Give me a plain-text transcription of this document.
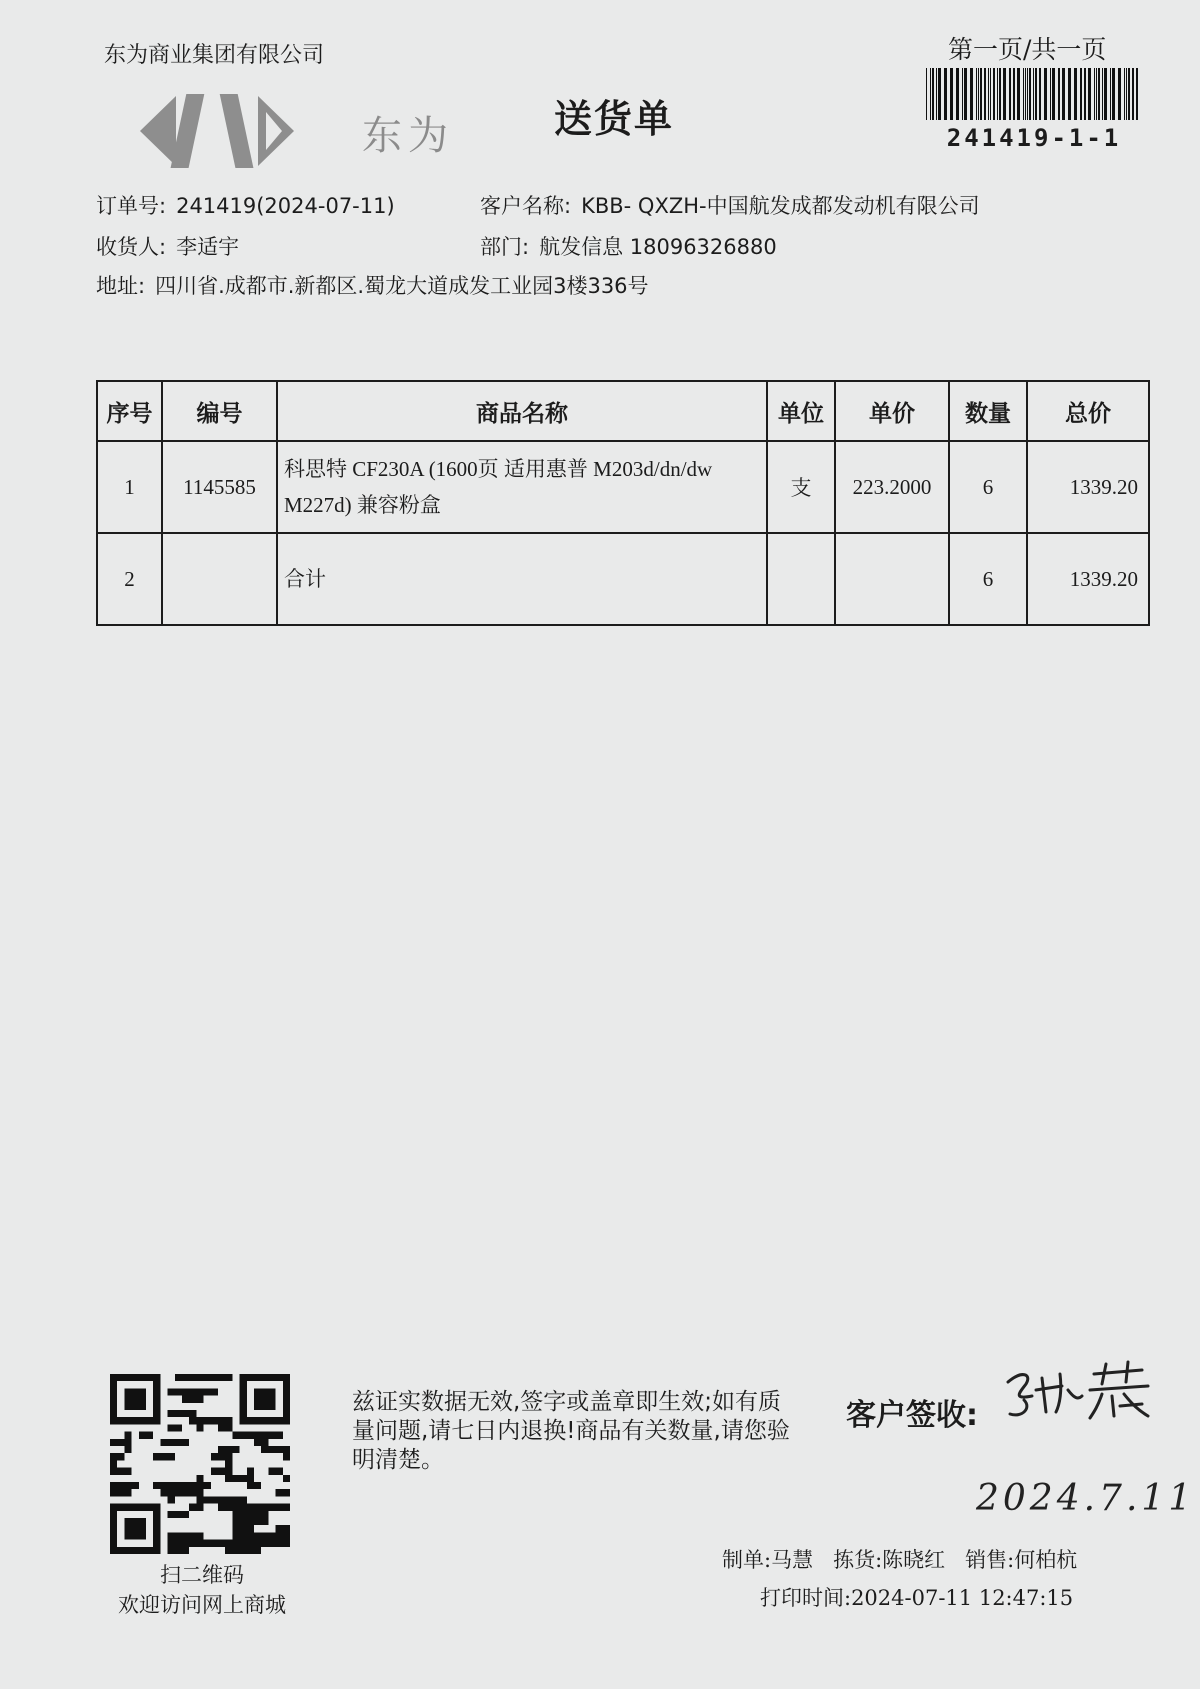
东为商业集团有限公司	第一页/共一页
241419-1-1
东为	送货单
订单号: 241419(2024-07-11)	客户名称: KBB- QXZH-中国航发成都发动机有限公司
收货人: 李适宇	部门: 航发信息 18096326880
地址: 四川省.成都市.新都区.蜀龙大道成发工业园3楼336号
序号	编号	商品名称	单位	单价	数量	总价
1	1145585	科思特 CF230A (1600页 适用惠普 M203d/dn/dw M227d) 兼容粉盒	支	223.2000	6	1339.20
2		合计			6	1339.20
扫二维码
欢迎访问网上商城
兹证实数据无效,签字或盖章即生效;如有质量问题,请七日内退换!商品有关数量,请您验明清楚。
客户签收:
2024.7.11
制单:马慧 拣货:陈晓红 销售:何柏杭
打印时间:2024-07-11 12:47:15
